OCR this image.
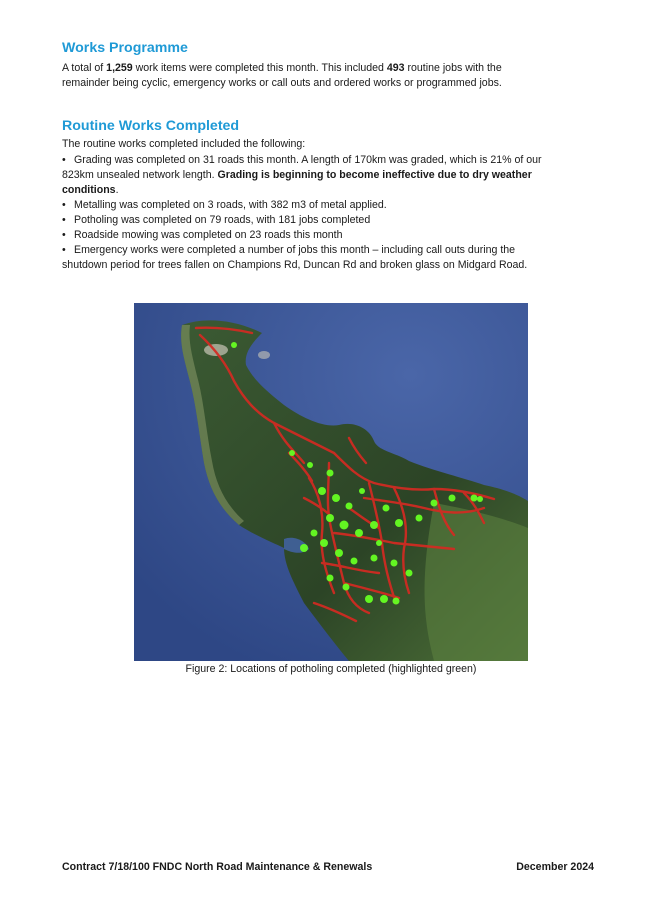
Works Programme

A total of 1,259 work items were completed this month. This included 493 routine jobs with the remainder being cyclic, emergency works or call outs and ordered works or programmed jobs.

Routine Works Completed

The routine works completed included the following:

• Grading was completed on 31 roads this month. A length of 170km was graded, which is 21% of our 823km unsealed network length. Grading is beginning to become ineffective due to dry weather conditions.

• Metalling was completed on 3 roads, with 382 m3 of metal applied.

• Potholing was completed on 79 roads, with 181 jobs completed

• Roadside mowing was completed on 23 roads this month

• Emergency works were completed a number of jobs this month – including call outs during the shutdown period for trees fallen on Champions Rd, Duncan Rd and broken glass on Midgard Road.

Figure 2: Locations of potholing completed (highlighted green)
Contract 7/18/100 FNDC North Road Maintenance & Renewals	December 2024
